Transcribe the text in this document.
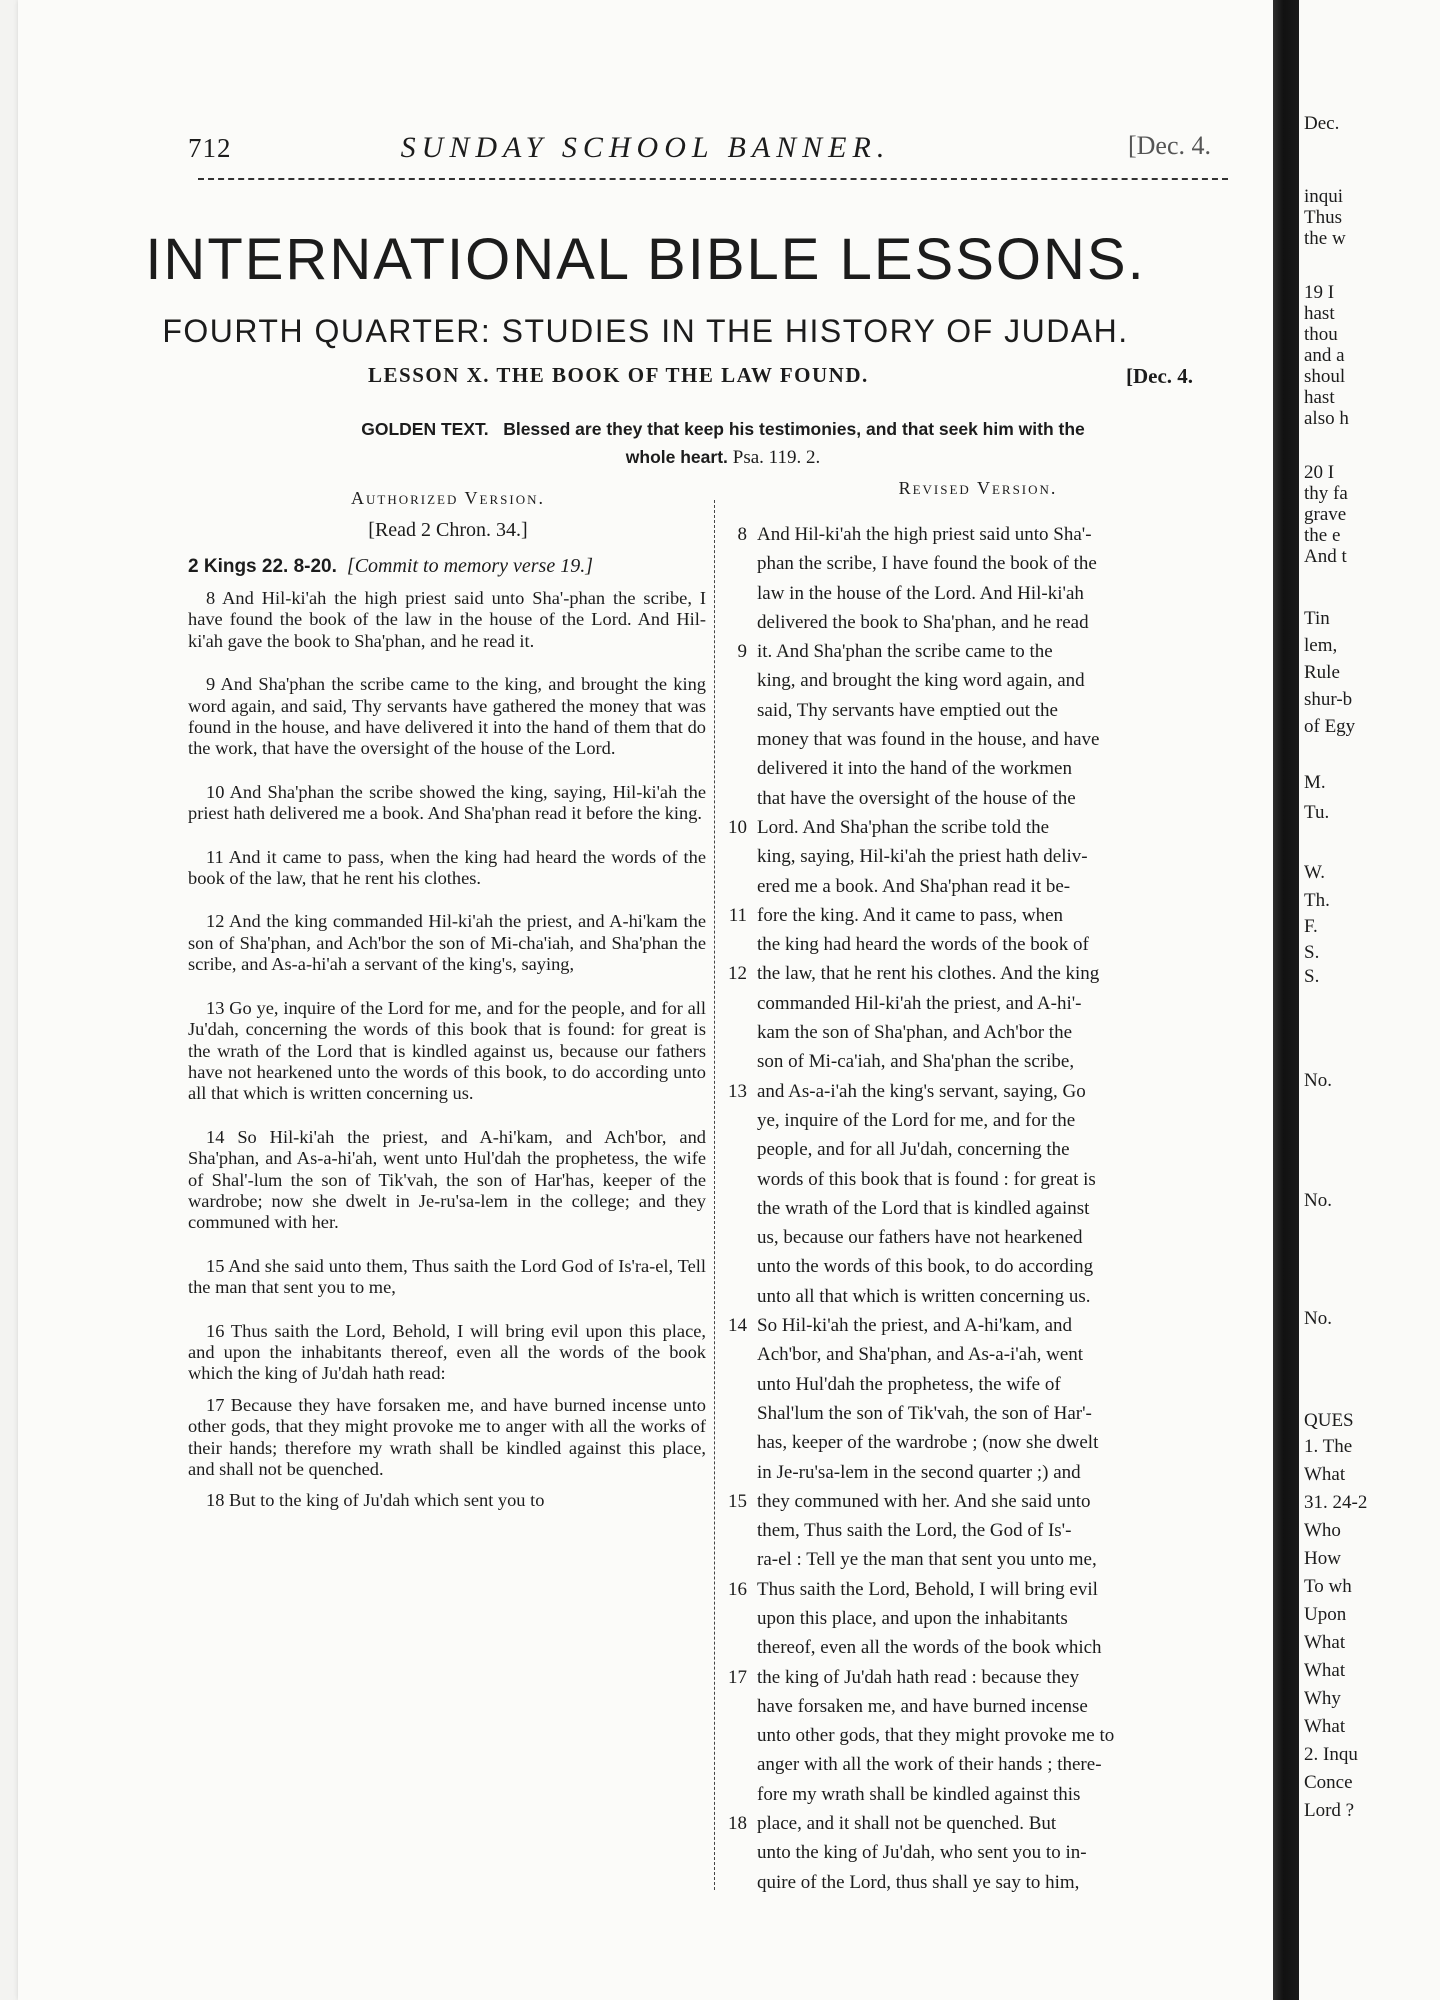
712	SUNDAY SCHOOL BANNER.	[Dec. 4.
INTERNATIONAL BIBLE LESSONS.
FOURTH QUARTER: STUDIES IN THE HISTORY OF JUDAH.
LESSON X. THE BOOK OF THE LAW FOUND.	[Dec. 4.
GOLDEN TEXT. Blessed are they that keep his testimonies, and that seek him with the
whole heart. Psa. 119. 2.
Authorized Version.	Revised Version.
[Read 2 Chron. 34.]
2 Kings 22. 8-20. [Commit to memory verse 19.]

8 And Hil-ki'ah the high priest said unto Sha'-phan the scribe, I have found the book of the law in the house of the Lord. And Hil-ki'ah gave the book to Sha'phan, and he read it.

9 And Sha'phan the scribe came to the king, and brought the king word again, and said, Thy servants have gathered the money that was found in the house, and have delivered it into the hand of them that do the work, that have the oversight of the house of the Lord.

10 And Sha'phan the scribe showed the king, saying, Hil-ki'ah the priest hath delivered me a book. And Sha'phan read it before the king.

11 And it came to pass, when the king had heard the words of the book of the law, that he rent his clothes.

12 And the king commanded Hil-ki'ah the priest, and A-hi'kam the son of Sha'phan, and Ach'bor the son of Mi-cha'iah, and Sha'phan the scribe, and As-a-hi'ah a servant of the king's, saying,

13 Go ye, inquire of the Lord for me, and for the people, and for all Ju'dah, concerning the words of this book that is found: for great is the wrath of the Lord that is kindled against us, because our fathers have not hearkened unto the words of this book, to do according unto all that which is written concerning us.

14 So Hil-ki'ah the priest, and A-hi'kam, and Ach'bor, and Sha'phan, and As-a-hi'ah, went unto Hul'dah the prophetess, the wife of Shal'-lum the son of Tik'vah, the son of Har'has, keeper of the wardrobe; now she dwelt in Je-ru'sa-lem in the college; and they communed with her.

15 And she said unto them, Thus saith the Lord God of Is'ra-el, Tell the man that sent you to me,

16 Thus saith the Lord, Behold, I will bring evil upon this place, and upon the inhabitants thereof, even all the words of the book which the king of Ju'dah hath read:

17 Because they have forsaken me, and have burned incense unto other gods, that they might provoke me to anger with all the works of their hands; therefore my wrath shall be kindled against this place, and shall not be quenched.

18 But to the king of Ju'dah which sent you to

8 And Hil-ki'ah the high priest said unto Sha'-
phan the scribe, I have found the book of the
law in the house of the Lord. And Hil-ki'ah
delivered the book to Sha'phan, and he read
9 it. And Sha'phan the scribe came to the
king, and brought the king word again, and
said, Thy servants have emptied out the
money that was found in the house, and have
delivered it into the hand of the workmen
that have the oversight of the house of the
10 Lord. And Sha'phan the scribe told the
king, saying, Hil-ki'ah the priest hath deliv-
ered me a book. And Sha'phan read it be-
11 fore the king. And it came to pass, when
the king had heard the words of the book of
12 the law, that he rent his clothes. And the king
commanded Hil-ki'ah the priest, and A-hi'-
kam the son of Sha'phan, and Ach'bor the
son of Mi-ca'iah, and Sha'phan the scribe,
13 and As-a-i'ah the king's servant, saying, Go
ye, inquire of the Lord for me, and for the
people, and for all Ju'dah, concerning the
words of this book that is found : for great is
the wrath of the Lord that is kindled against
us, because our fathers have not hearkened
unto the words of this book, to do according
unto all that which is written concerning us.
14 So Hil-ki'ah the priest, and A-hi'kam, and
Ach'bor, and Sha'phan, and As-a-i'ah, went
unto Hul'dah the prophetess, the wife of
Shal'lum the son of Tik'vah, the son of Har'-
has, keeper of the wardrobe ; (now she dwelt
in Je-ru'sa-lem in the second quarter ;) and
15 they communed with her. And she said unto
them, Thus saith the Lord, the God of Is'-
ra-el : Tell ye the man that sent you unto me,
16 Thus saith the Lord, Behold, I will bring evil
upon this place, and upon the inhabitants
thereof, even all the words of the book which
17 the king of Ju'dah hath read : because they
have forsaken me, and have burned incense
unto other gods, that they might provoke me to
anger with all the work of their hands ; there-
fore my wrath shall be kindled against this
18 place, and it shall not be quenched. But
unto the king of Ju'dah, who sent you to in-
quire of the Lord, thus shall ye say to him,
Dec.
inqui
Thus
the w
19 I
hast
thou
and a
shoul
hast
also h
20 I
thy fa
grave
the e
And t
Tin
lem,
Rule
shur-b
of Egy
M.
Tu.
W.
Th.
F.
S.
S.
No.
No.
No.
QUES
1. The
What
31. 24-2
Who
How
To wh
Upon
What
What
Why
What
2. Inqu
Conce
Lord ?
